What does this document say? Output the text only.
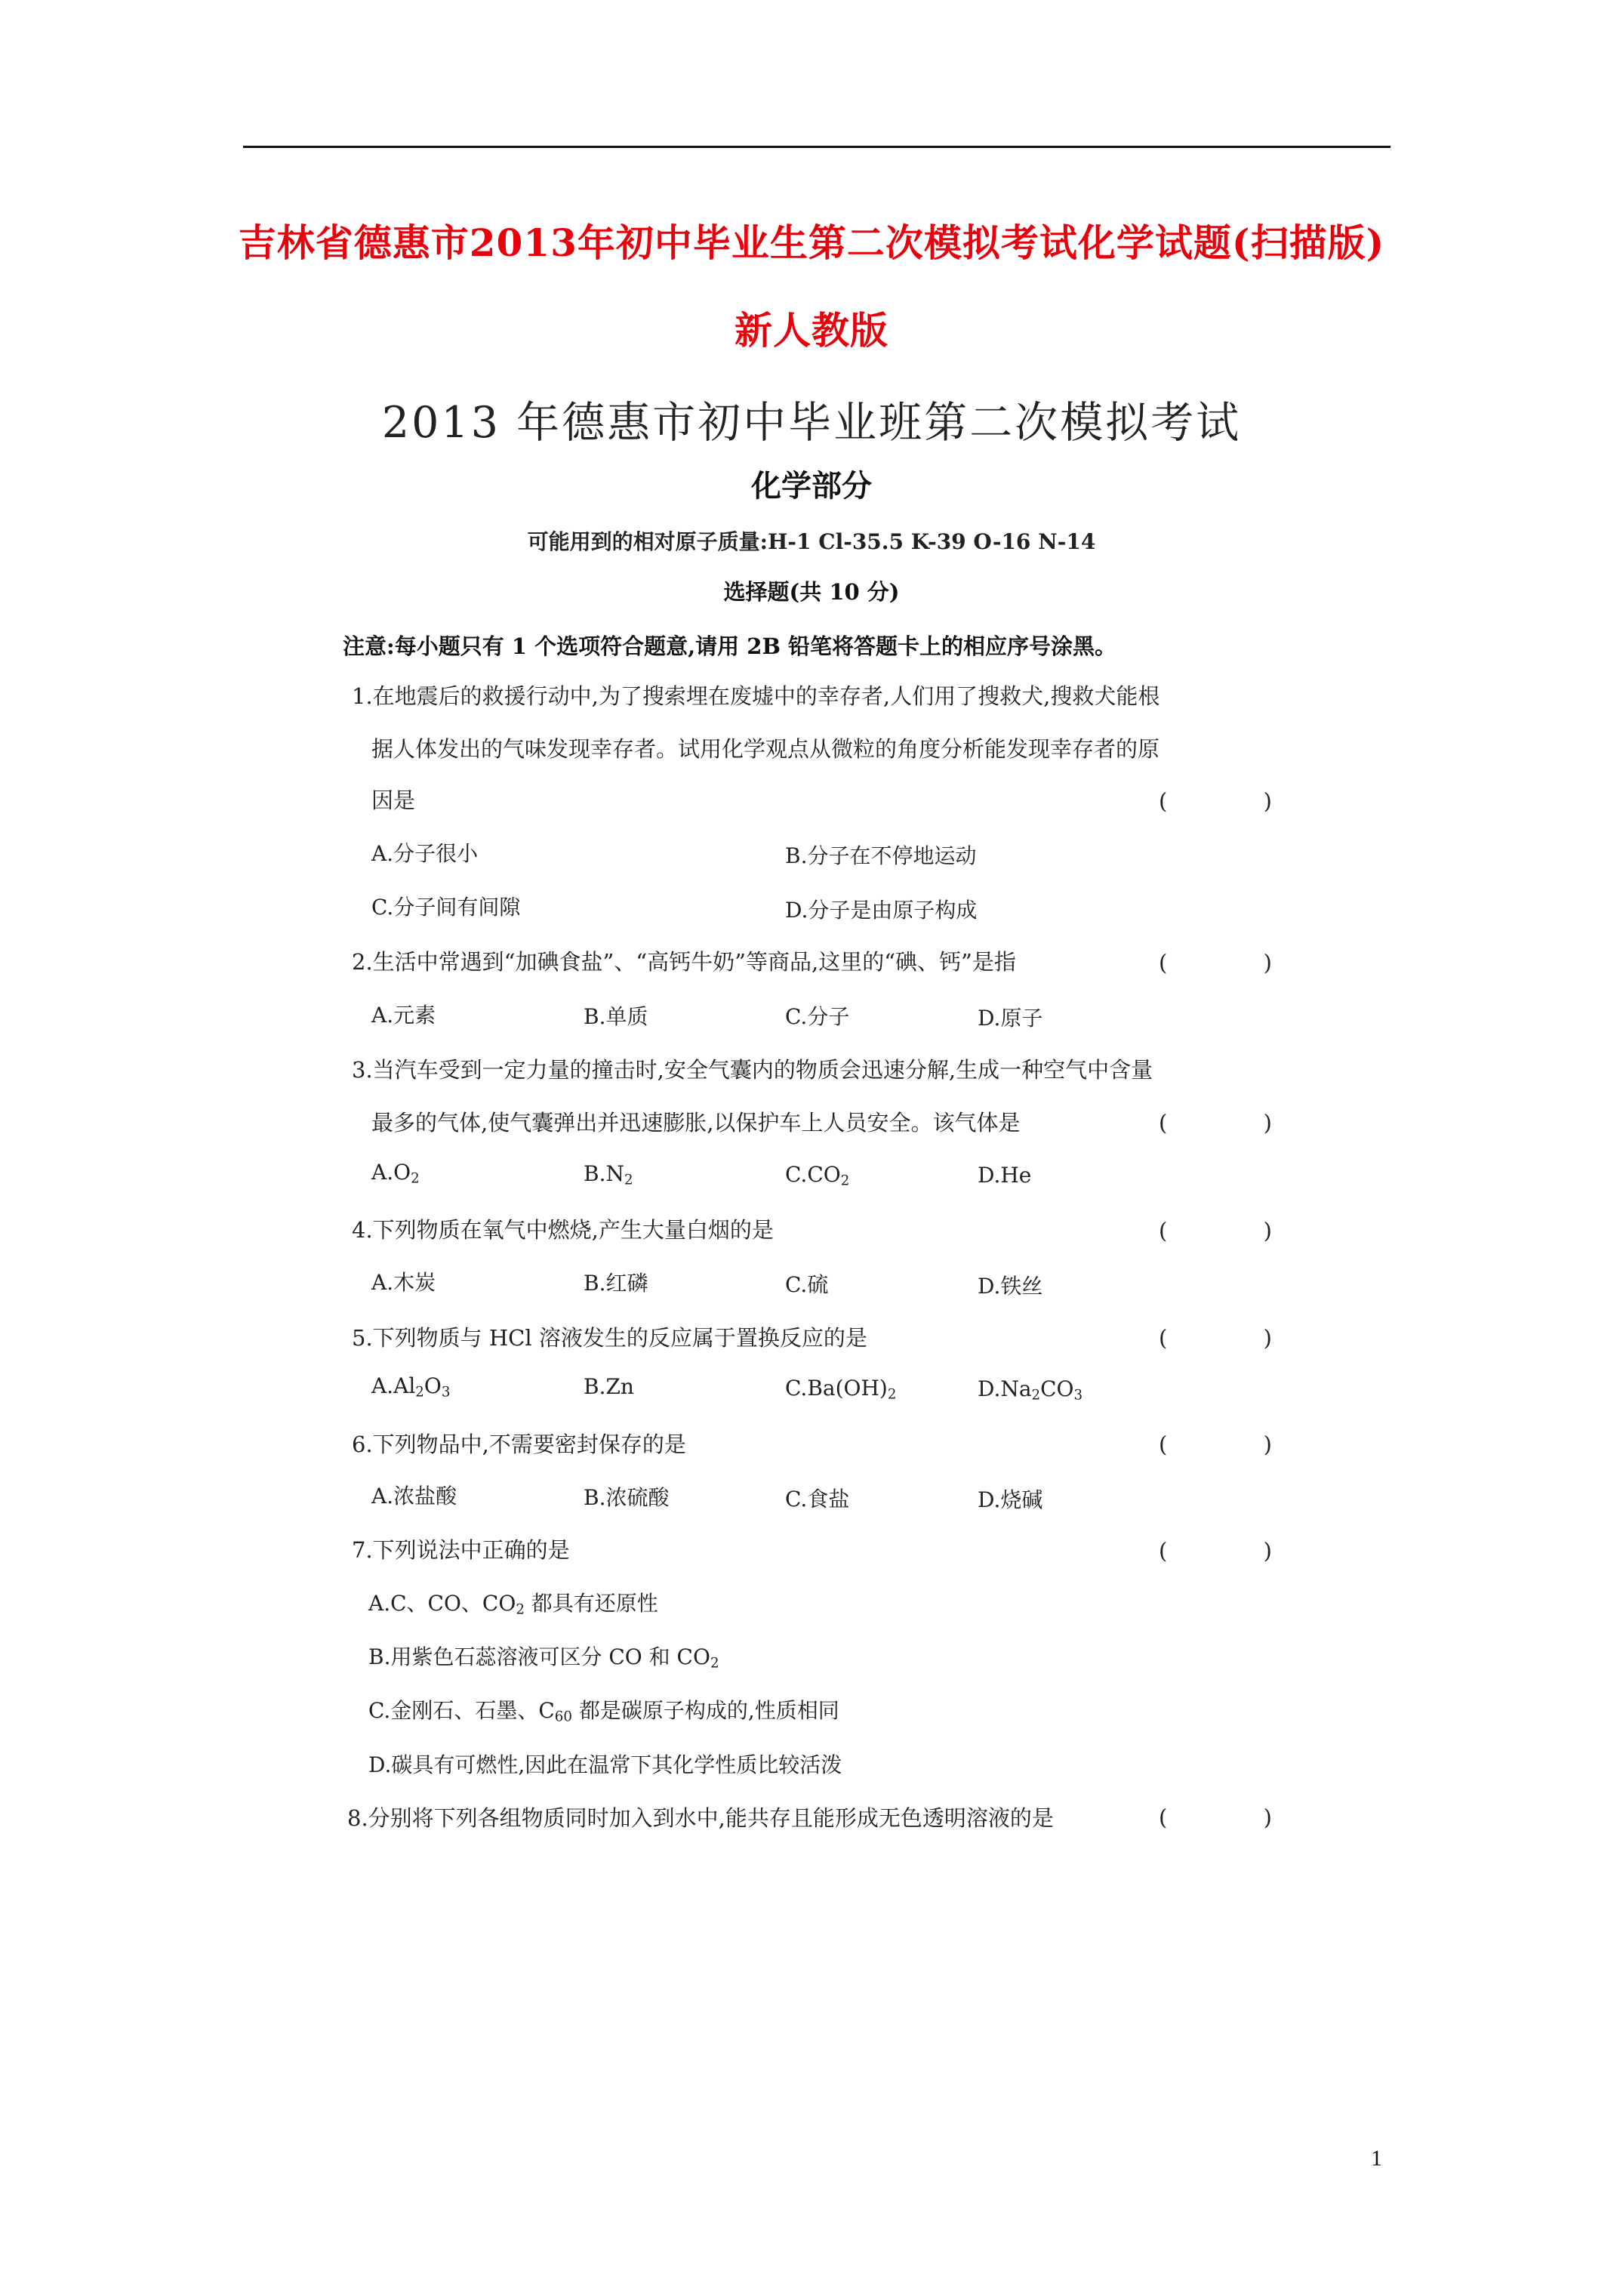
吉林省德惠市2013年初中毕业生第二次模拟考试化学试题(扫描版)
新人教版
2013 年德惠市初中毕业班第二次模拟考试
化学部分
可能用到的相对原子质量:H-1 Cl-35.5 K-39 O-16 N-14
选择题(共 10 分)
注意:每小题只有 1 个选项符合题意,请用 2B 铅笔将答题卡上的相应序号涂黑。
1.在地震后的救援行动中,为了搜索埋在废墟中的幸存者,人们用了搜救犬,搜救犬能根
据人体发出的气味发现幸存者。试用化学观点从微粒的角度分析能发现幸存者的原
因是	(	)
A.分子很小	B.分子在不停地运动
C.分子间有间隙	D.分子是由原子构成
2.生活中常遇到“加碘食盐”、“高钙牛奶”等商品,这里的“碘、钙”是指	(	)
A.元素	B.单质	C.分子	D.原子
3.当汽车受到一定力量的撞击时,安全气囊内的物质会迅速分解,生成一种空气中含量
最多的气体,使气囊弹出并迅速膨胀,以保护车上人员安全。该气体是	(	)
$A.O_2$	$B.N_2$	$C.CO_2$	D.He
4.下列物质在氧气中燃烧,产生大量白烟的是	(	)
A.木炭	B.红磷	C.硫	D.铁丝
5.下列物质与 HCl 溶液发生的反应属于置换反应的是	(	)
$A.Al_2O_3$	B.Zn	$C.Ba(OH)_2$	$D.Na_2CO_3$
6.下列物品中,不需要密封保存的是	(	)
A.浓盐酸	B.浓硫酸	C.食盐	D.烧碱
7.下列说法中正确的是	(	)
A.C、CO、$CO_2$ 都具有还原性
B.用紫色石蕊溶液可区分 CO 和 $CO_2$
C.金刚石、石墨、$C_{60}$ 都是碳原子构成的,性质相同
D.碳具有可燃性,因此在温常下其化学性质比较活泼
8.分别将下列各组物质同时加入到水中,能共存且能形成无色透明溶液的是	(	)
1
